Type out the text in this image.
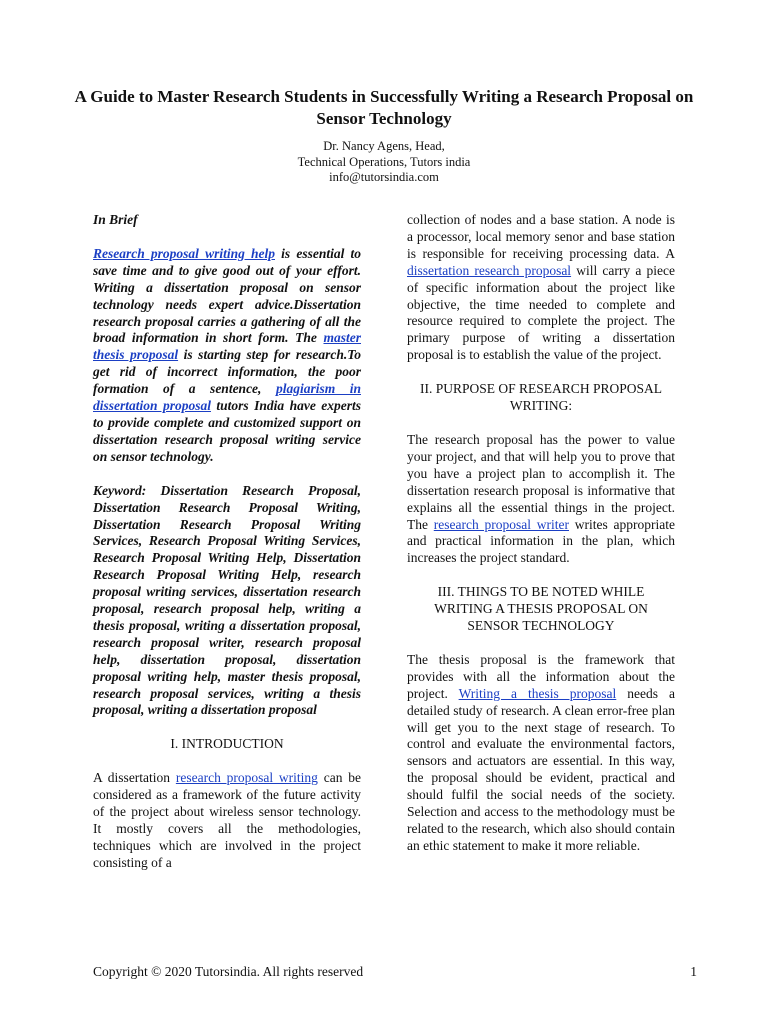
A Guide to Master Research Students in Successfully Writing a Research Proposal on Sensor Technology
Dr. Nancy Agens, Head,
Technical Operations, Tutors india
info@tutorsindia.com

In Brief

Research proposal writing help is essential to save time and to give good out of your effort. Writing a dissertation proposal on sensor technology needs expert advice.Dissertation research proposal carries a gathering of all the broad information in short form. The master thesis proposal is starting step for research.To get rid of incorrect information, the poor formation of a sentence, plagiarism in dissertation proposal tutors India have experts to provide complete and customized support on dissertation research proposal writing service on sensor technology.

Keyword: Dissertation Research Proposal, Dissertation Research Proposal Writing, Dissertation Research Proposal Writing Services, Research Proposal Writing Services, Research Proposal Writing Help, Dissertation Research Proposal Writing Help, research proposal writing services, dissertation research proposal, research proposal help, writing a thesis proposal, writing a dissertation proposal, research proposal writer, research proposal help, dissertation proposal, dissertation proposal writing help, master thesis proposal, research proposal services, writing a thesis proposal, writing a dissertation proposal

I. INTRODUCTION

A dissertation research proposal writing can be considered as a framework of the future activity of the project about wireless sensor technology. It mostly covers all the methodologies, techniques which are involved in the project consisting of a

collection of nodes and a base station. A node is a processor, local memory senor and base station is responsible for receiving processing data. A dissertation research proposal will carry a piece of specific information about the project like objective, the time needed to complete and resource required to complete the project. The primary purpose of writing a dissertation proposal is to establish the value of the project.

II. PURPOSE OF RESEARCH PROPOSAL WRITING:

The research proposal has the power to value your project, and that will help you to prove that you have a project plan to accomplish it. The dissertation research proposal is informative that explains all the essential things in the project. The research proposal writer writes appropriate and practical information in the plan, which increases the project standard.

III. THINGS TO BE NOTED WHILE WRITING A THESIS PROPOSAL ON SENSOR TECHNOLOGY

The thesis proposal is the framework that provides with all the information about the project. Writing a thesis proposal needs a detailed study of research. A clean error-free plan will get you to the next stage of research. To control and evaluate the environmental factors, sensors and actuators are essential. In this way, the proposal should be evident, practical and should fulfil the social needs of the society. Selection and access to the methodology must be related to the research, which also should contain an ethic statement to make it more reliable.

Copyright © 2020 Tutorsindia. All rights reserved	1
